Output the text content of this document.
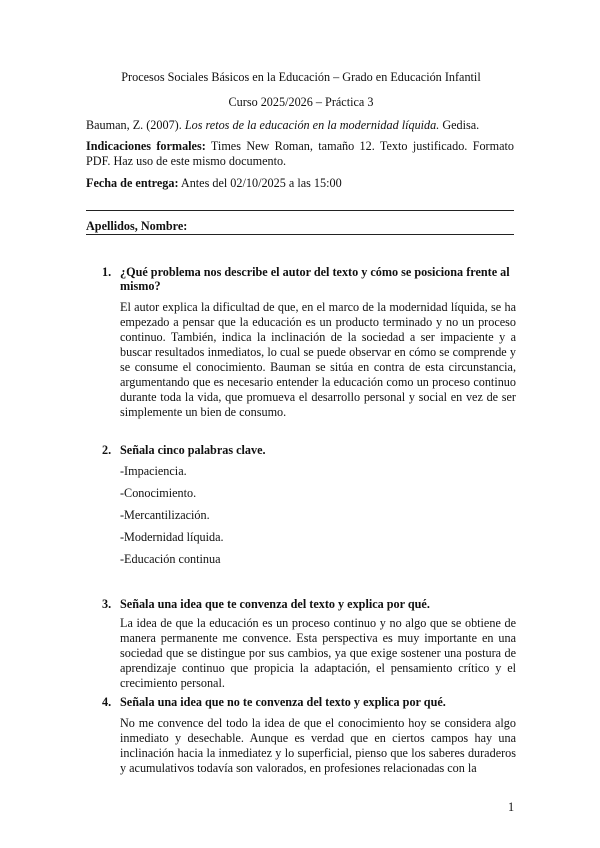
Procesos Sociales Básicos en la Educación – Grado en Educación Infantil
Curso 2025/2026 – Práctica 3
Bauman, Z. (2007). Los retos de la educación en la modernidad líquida. Gedisa.
Indicaciones formales: Times New Roman, tamaño 12. Texto justificado. Formato PDF. Haz uso de este mismo documento.
Fecha de entrega: Antes del 02/10/2025 a las 15:00
Apellidos, Nombre:
1. ¿Qué problema nos describe el autor del texto y cómo se posiciona frente al mismo?
El autor explica la dificultad de que, en el marco de la modernidad líquida, se ha empezado a pensar que la educación es un producto terminado y no un proceso continuo. También, indica la inclinación de la sociedad a ser impaciente y a buscar resultados inmediatos, lo cual se puede observar en cómo se comprende y se consume el conocimiento. Bauman se sitúa en contra de esta circunstancia, argumentando que es necesario entender la educación como un proceso continuo durante toda la vida, que promueva el desarrollo personal y social en vez de ser simplemente un bien de consumo.
2. Señala cinco palabras clave.
-Impaciencia.
-Conocimiento.
-Mercantilización.
-Modernidad líquida.
-Educación continua
3. Señala una idea que te convenza del texto y explica por qué.
La idea de que la educación es un proceso continuo y no algo que se obtiene de manera permanente me convence. Esta perspectiva es muy importante en una sociedad que se distingue por sus cambios, ya que exige sostener una postura de aprendizaje continuo que propicia la adaptación, el pensamiento crítico y el crecimiento personal.
4. Señala una idea que no te convenza del texto y explica por qué.
No me convence del todo la idea de que el conocimiento hoy se considera algo inmediato y desechable. Aunque es verdad que en ciertos campos hay una inclinación hacia la inmediatez y lo superficial, pienso que los saberes duraderos y acumulativos todavía son valorados, en profesiones relacionadas con la
1
